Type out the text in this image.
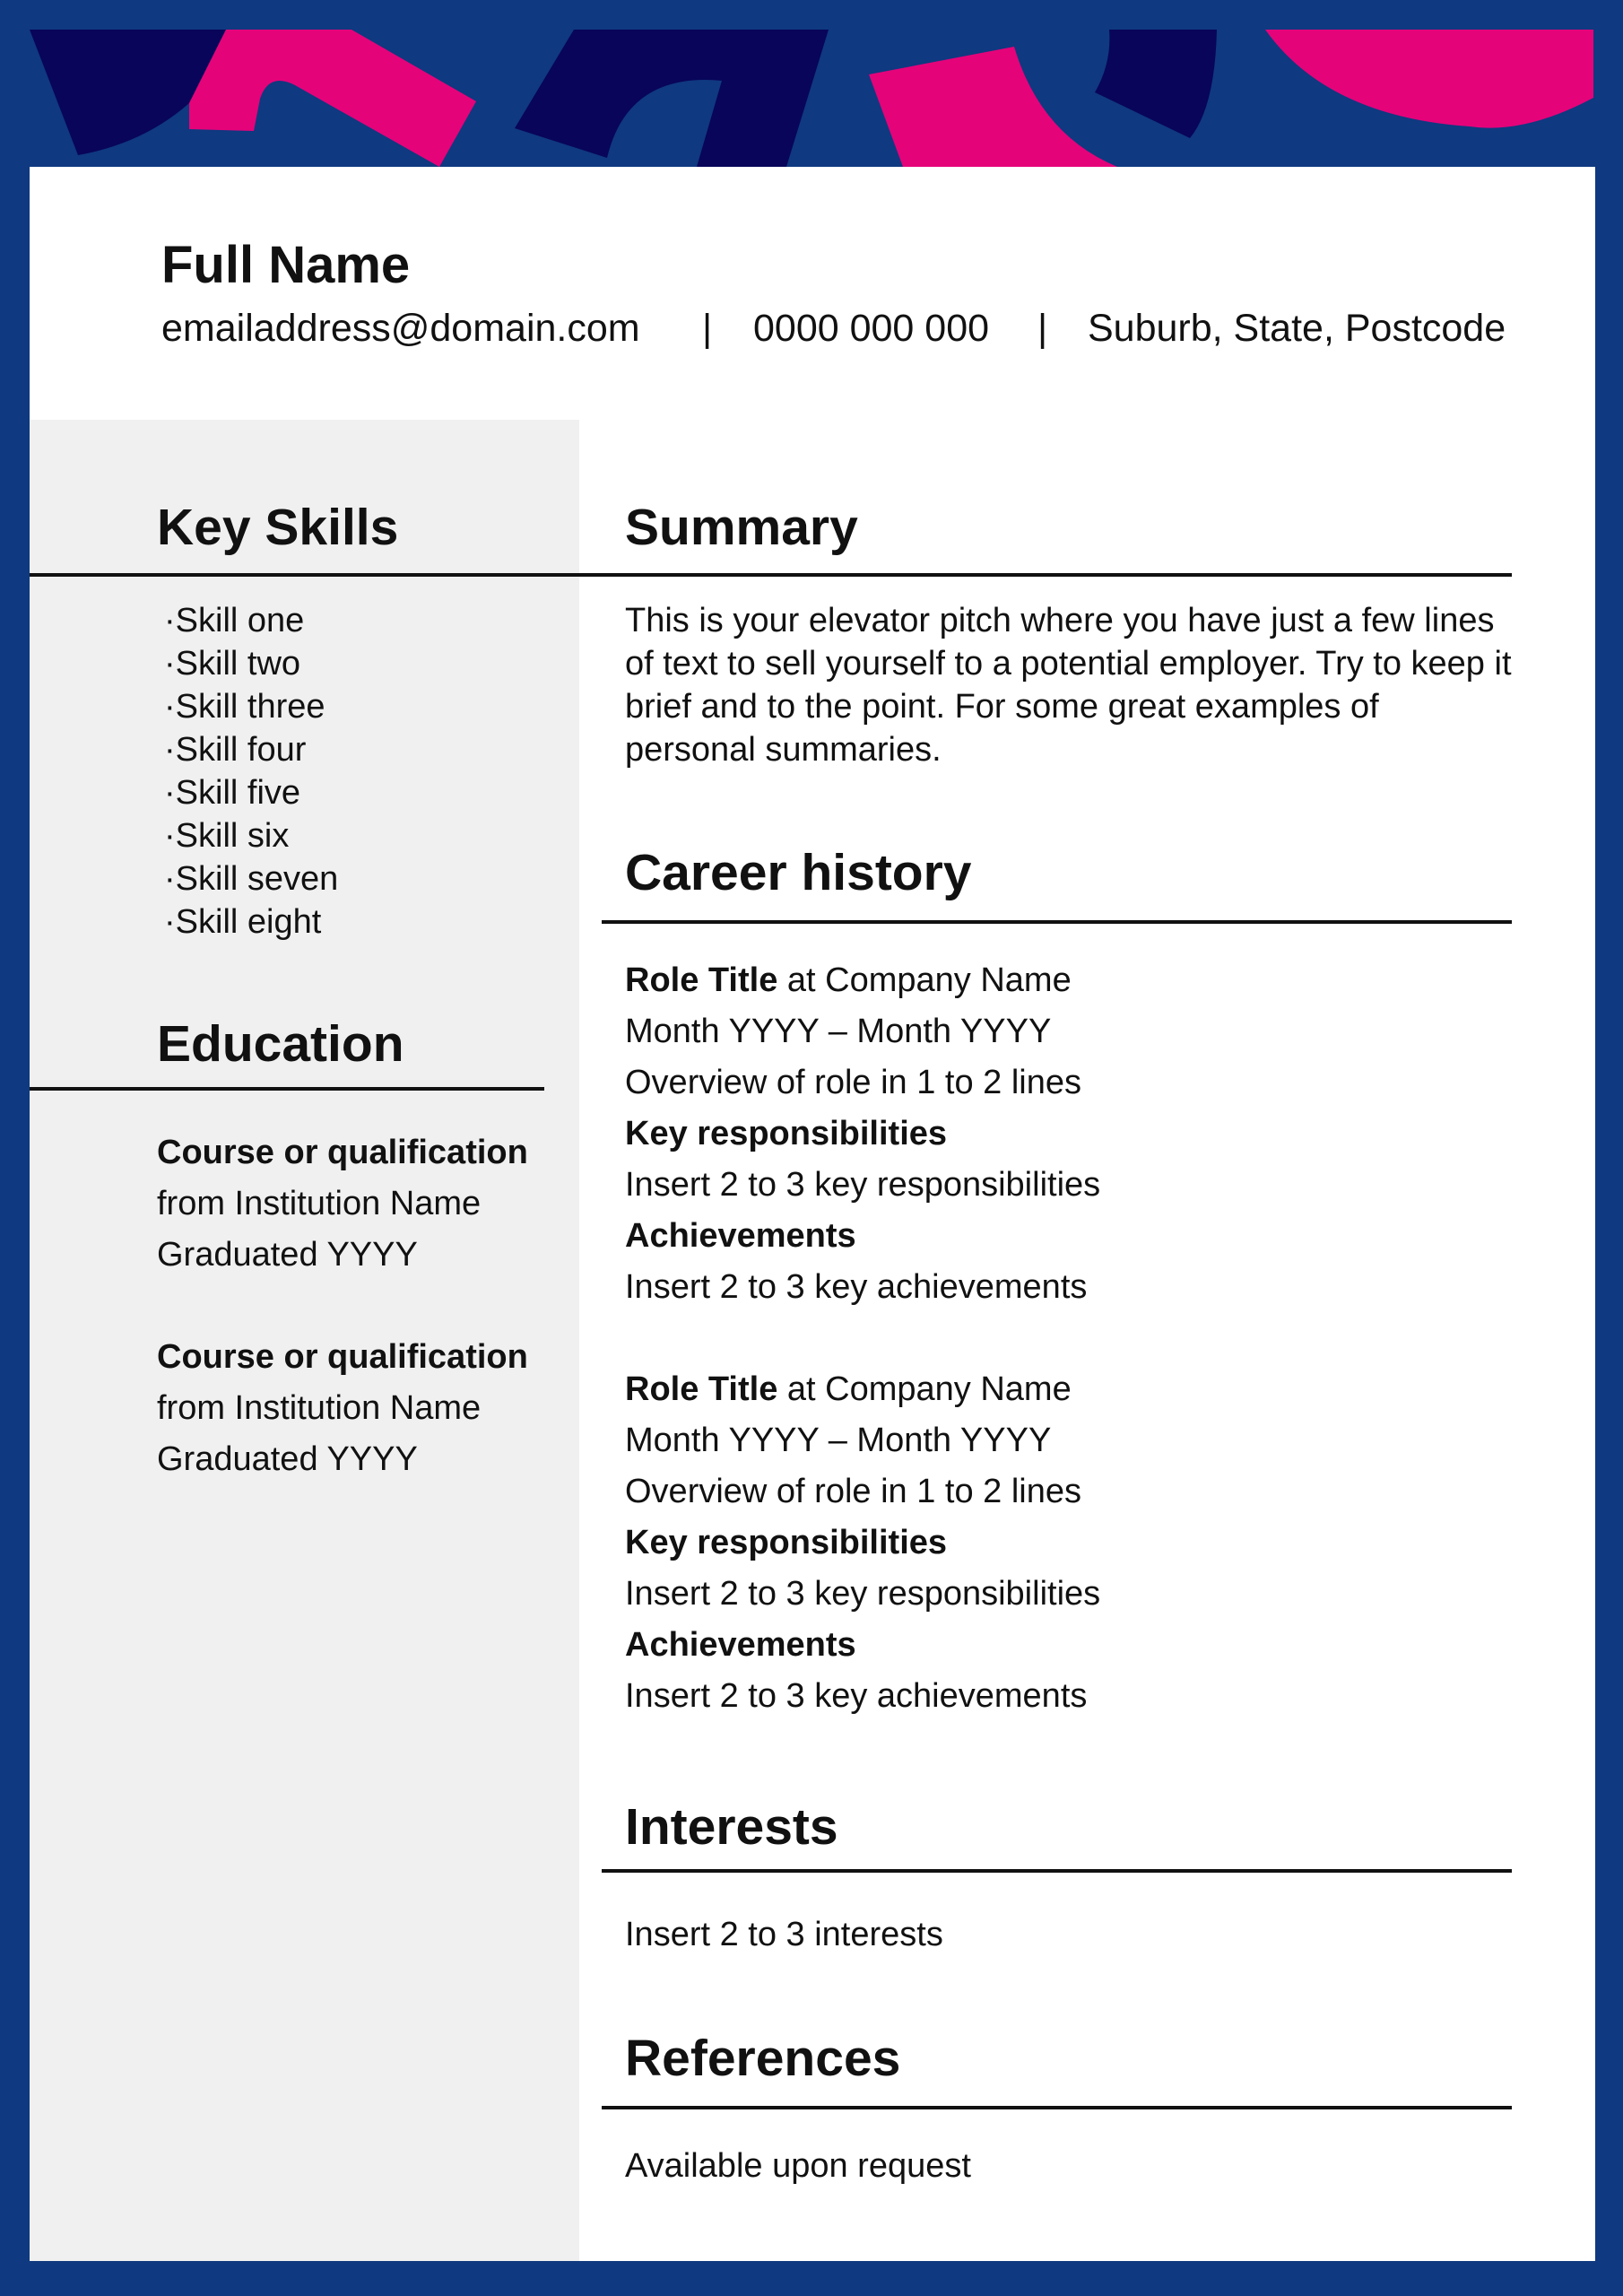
Full Name
emailaddress@domain.com | 0000 000 000 | Suburb, State, Postcode
Key Skills	Summary
·Skill one
·Skill two
·Skill three
·Skill four
·Skill five
·Skill six
·Skill seven
·Skill eight
This is your elevator pitch where you have just a few lines of text to sell yourself to a potential employer. Try to keep it brief and to the point. For some great examples of personal summaries.
Education
Course or qualification
from Institution Name
Graduated YYYY
Course or qualification
from Institution Name
Graduated YYYY
Career history
Role Title at Company Name
Month YYYY – Month YYYY
Overview of role in 1 to 2 lines
Key responsibilities
Insert 2 to 3 key responsibilities
Achievements
Insert 2 to 3 key achievements
Role Title at Company Name
Month YYYY – Month YYYY
Overview of role in 1 to 2 lines
Key responsibilities
Insert 2 to 3 key responsibilities
Achievements
Insert 2 to 3 key achievements
Interests
Insert 2 to 3 interests
References
Available upon request
